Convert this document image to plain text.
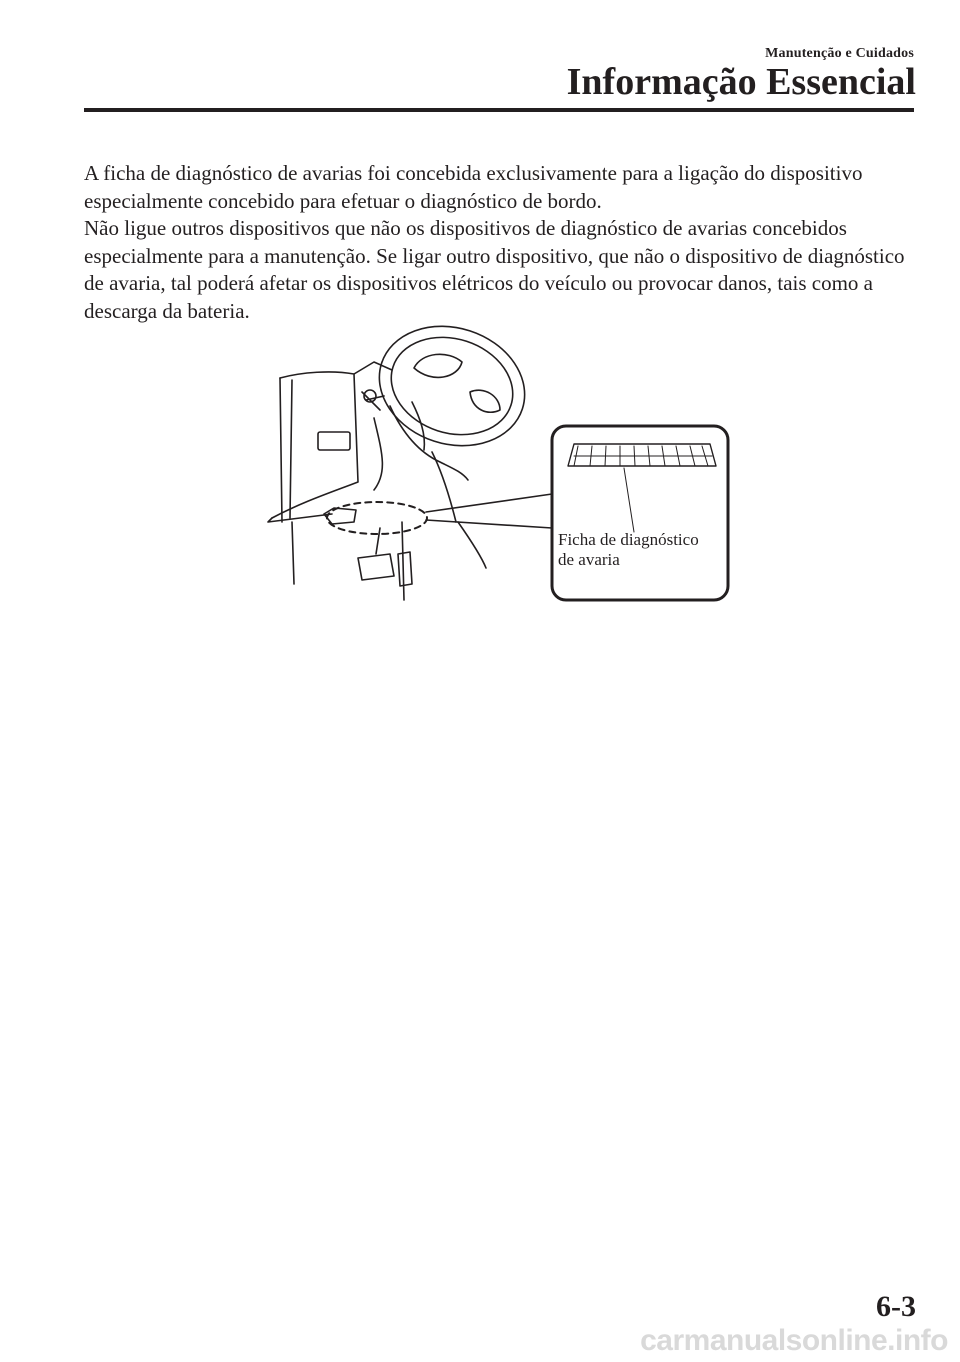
Manutenção e Cuidados
Informação Essencial

A ficha de diagnóstico de avarias foi concebida exclusivamente para a ligação do dispositivo especialmente concebido para efetuar o diagnóstico de bordo.

Não ligue outros dispositivos que não os dispositivos de diagnóstico de avarias concebidos especialmente para a manutenção. Se ligar outro dispositivo, que não o dispositivo de diagnóstico de avaria, tal poderá afetar os dispositivos elétricos do veículo ou provocar danos, tais como a descarga da bateria.

Ficha de diagnóstico
de avaria
6-3
carmanualsonline.info
